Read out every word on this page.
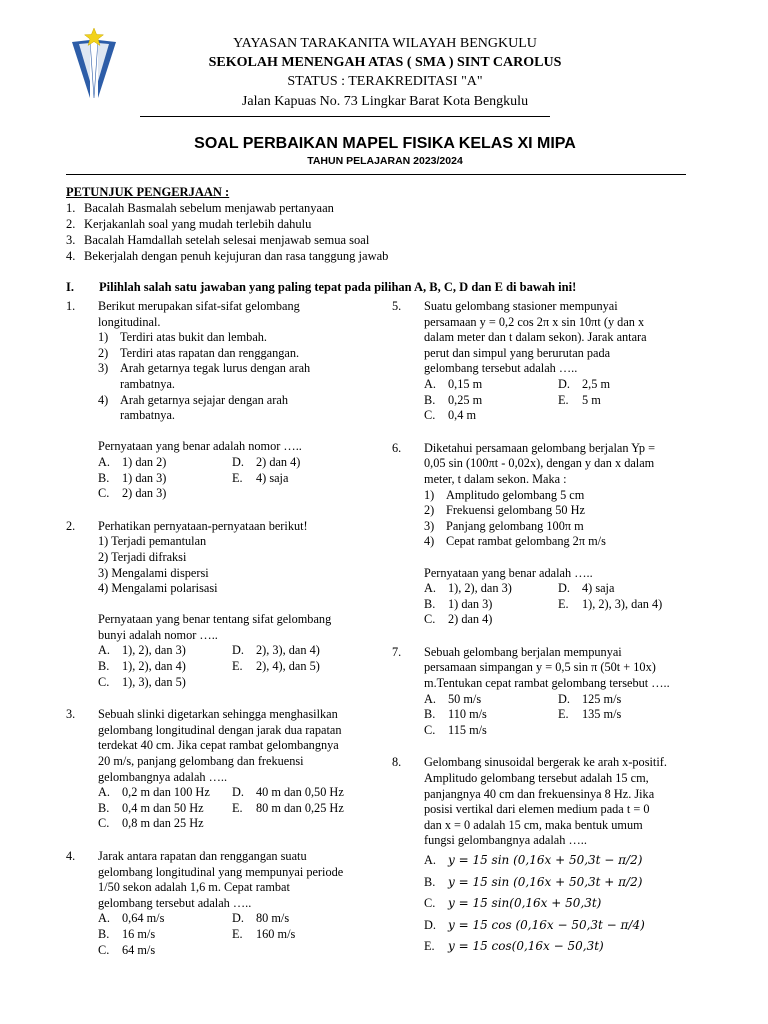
YAYASAN TARAKANITA WILAYAH BENGKULU
SEKOLAH MENENGAH ATAS ( SMA ) SINT CAROLUS
STATUS : TERAKREDITASI "A"
Jalan Kapuas No. 73 Lingkar Barat Kota Bengkulu
SOAL PERBAIKAN MAPEL FISIKA KELAS XI MIPA
TAHUN PELAJARAN 2023/2024
PETUNJUK PENGERJAAN :
1. Bacalah Basmalah sebelum menjawab pertanyaan
2. Kerjakanlah soal yang mudah terlebih dahulu
3. Bacalah Hamdallah setelah selesai menjawab semua soal
4. Bekerjalah dengan penuh kejujuran dan rasa tanggung jawab
I.	Pilihlah salah satu jawaban yang paling tepat pada pilihan A, B, C, D dan E di bawah ini!
1.	Berikut merupakan sifat-sifat gelombang
longitudinal.
1) Terdiri atas bukit dan lembah.
2) Terdiri atas rapatan dan renggangan.
3) Arah getarnya tegak lurus dengan arah
rambatnya.
4) Arah getarnya sejajar dengan arah
rambatnya.
Pernyataan yang benar adalah nomor …..
A. 1) dan 2)	D. 2) dan 4)
B.	1) dan 3)	E.	4) saja
C.	2) dan 3)
2.	Perhatikan pernyataan-pernyataan berikut!
1) Terjadi pemantulan
2) Terjadi difraksi
3) Mengalami dispersi
4) Mengalami polarisasi
Pernyataan yang benar tentang sifat gelombang
bunyi adalah nomor …..
A. 1), 2), dan 3)	D. 2), 3), dan 4)
B.	1), 2), dan 4)	E.	2), 4), dan 5)
C.	1), 3), dan 5)
3.	Sebuah slinki digetarkan sehingga menghasilkan
gelombang longitudinal dengan jarak dua rapatan
terdekat 40 cm. Jika cepat rambat gelombangnya
20 m/s, panjang gelombang dan frekuensi
gelombangnya adalah …..
A. 0,2 m dan 100 Hz	D. 40 m dan 0,50 Hz
B.	0,4 m dan 50 Hz	E.	80 m dan 0,25 Hz
C.	0,8 m dan 25 Hz
4.	Jarak antara rapatan dan renggangan suatu
gelombang longitudinal yang mempunyai periode
1/50 sekon adalah 1,6 m. Cepat rambat
gelombang tersebut adalah …..
A. 0,64 m/s	D. 80 m/s
B.	16 m/s	E.	160 m/s
C.	64 m/s
5.	Suatu gelombang stasioner mempunyai
persamaan y = 0,2 cos 2π x sin 10πt (y dan x
dalam meter dan t dalam sekon). Jarak antara
perut dan simpul yang berurutan pada
gelombang tersebut adalah …..
A. 0,15 m	D. 2,5 m
B.	0,25 m	E.	5 m
C.	0,4 m
6.	Diketahui persamaan gelombang berjalan Yp =
0,05 sin (100πt - 0,02x), dengan y dan x dalam
meter, t dalam sekon. Maka :
1) Amplitudo gelombang 5 cm
2) Frekuensi gelombang 50 Hz
3) Panjang gelombang 100π m
4) Cepat rambat gelombang 2π m/s
Pernyataan yang benar adalah …..
A. 1), 2), dan 3)	D. 4) saja
B.	1) dan 3)	E.	1), 2), 3), dan 4)
C.	2) dan 4)
7.	Sebuah gelombang berjalan mempunyai
persamaan simpangan y = 0,5 sin π (50t + 10x)
m.Tentukan cepat rambat gelombang tersebut …..
A. 50 m/s	D. 125 m/s
B.	110 m/s	E.	135 m/s
C.	115 m/s
8.	Gelombang sinusoidal bergerak ke arah x-positif.
Amplitudo gelombang tersebut adalah 15 cm,
panjangnya 40 cm dan frekuensinya 8 Hz. Jika
posisi vertikal dari elemen medium pada t = 0
dan x = 0 adalah 15 cm, maka bentuk umum
fungsi gelombangnya adalah …..
A.	y = 15 sin (0,16x + 50,3t − π/2)
B.	y = 15 sin (0,16x + 50,3t + π/2)
C.	y = 15 sin(0,16x + 50,3t)
D.	y = 15 cos (0,16x − 50,3t − π/4)
E.	y = 15 cos(0,16x − 50,3t)
